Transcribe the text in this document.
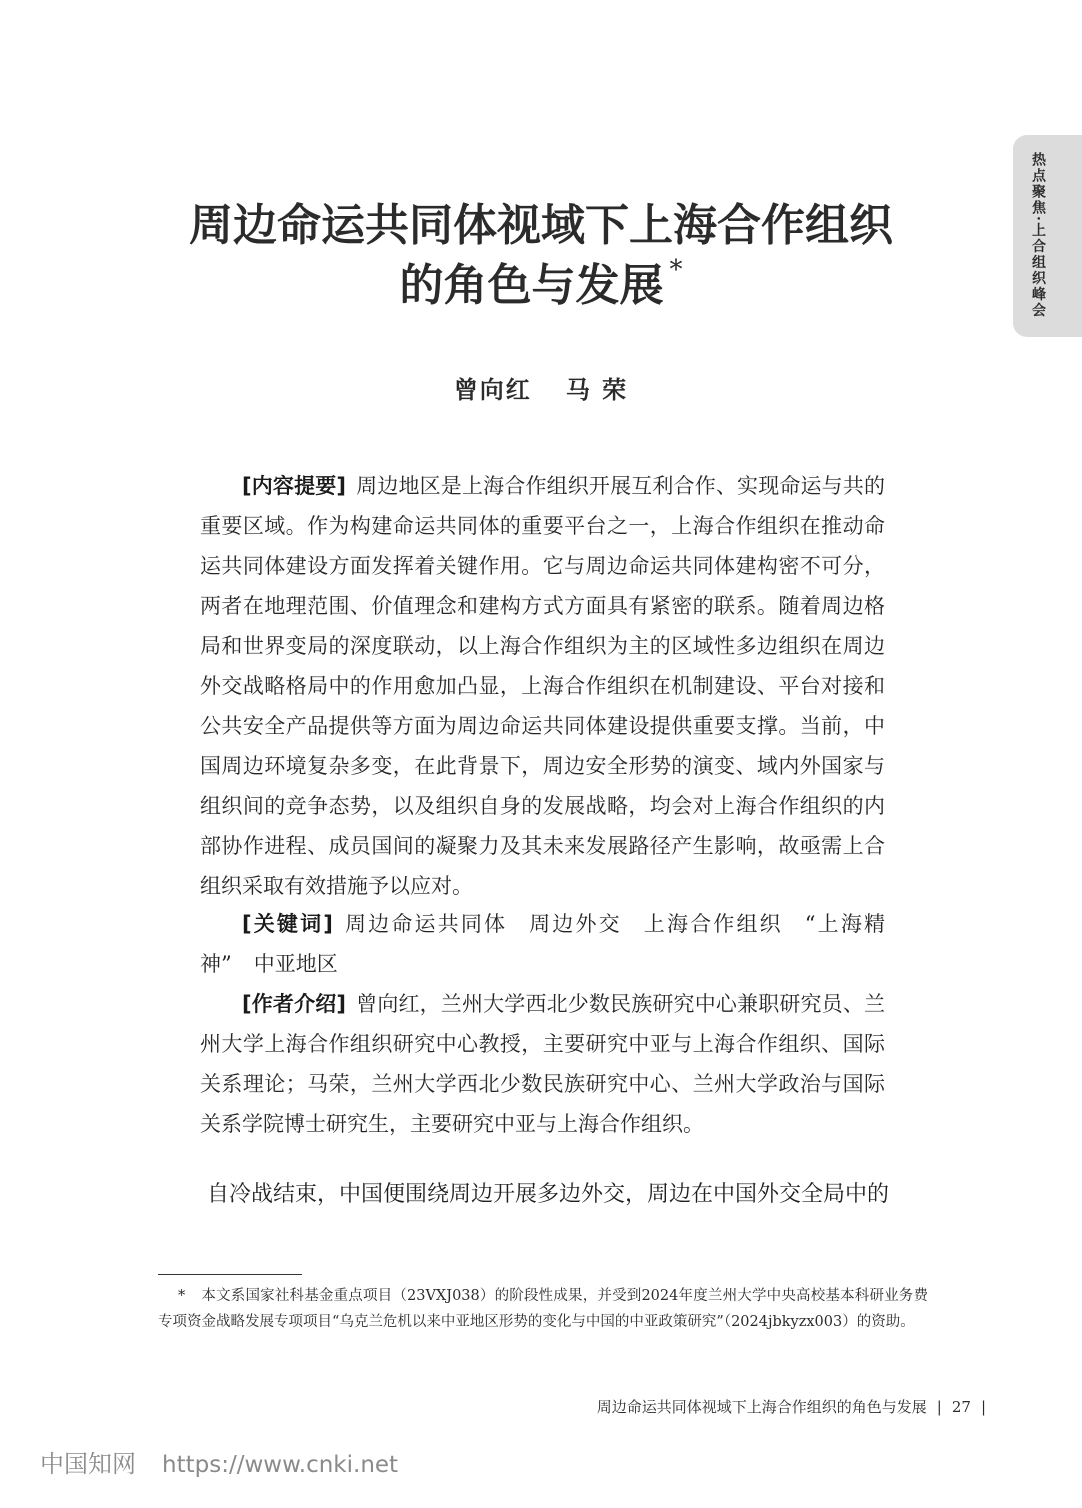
热点聚焦·上合组织峰会
周边命运共同体视域下上海合作组织
的角色与发展 *
曾向红 马 荣
[内容提要] 周边地区是上海合作组织开展互利合作、实现命运与共的重要区域。作为构建命运共同体的重要平台之一，上海合作组织在推动命运共同体建设方面发挥着关键作用。它与周边命运共同体建构密不可分，两者在地理范围、价值理念和建构方式方面具有紧密的联系。随着周边格局和世界变局的深度联动，以上海合作组织为主的区域性多边组织在周边外交战略格局中的作用愈加凸显，上海合作组织在机制建设、平台对接和公共安全产品提供等方面为周边命运共同体建设提供重要支撑。当前，中国周边环境复杂多变，在此背景下，周边安全形势的演变、域内外国家与组织间的竞争态势，以及组织自身的发展战略，均会对上海合作组织的内部协作进程、成员国间的凝聚力及其未来发展路径产生影响，故亟需上合组织采取有效措施予以应对。
[关键词] 周边命运共同体 周边外交 上海合作组织 “上海精神” 中亚地区
[作者介绍] 曾向红，兰州大学西北少数民族研究中心兼职研究员、兰州大学上海合作组织研究中心教授，主要研究中亚与上海合作组织、国际关系理论；马荣，兰州大学西北少数民族研究中心、兰州大学政治与国际关系学院博士研究生，主要研究中亚与上海合作组织。
自冷战结束，中国便围绕周边开展多边外交，周边在中国外交全局中的
* 本文系国家社科基金重点项目（23VXJ038）的阶段性成果，并受到2024年度兰州大学中央高校基本科研业务费专项资金战略发展专项项目“乌克兰危机以来中亚地区形势的变化与中国的中亚政策研究”（2024jbkyzx003）的资助。
周边命运共同体视域下上海合作组织的角色与发展 | 27 |
中国知网 https://www.cnki.net
